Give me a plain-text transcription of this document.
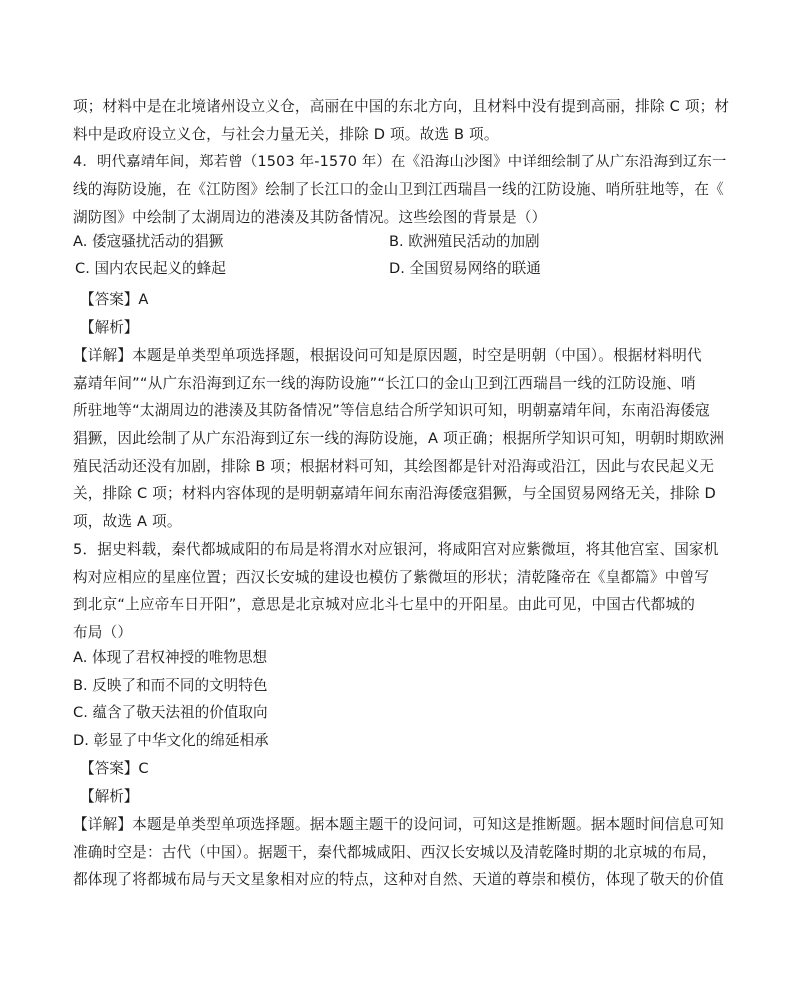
项；材料中是在北境诸州设立义仓，高丽在中国的东北方向，且材料中没有提到高丽，排除 C 项；材
料中是政府设立义仓，与社会力量无关，排除 D 项。故选 B 项。
4．明代嘉靖年间，郑若曾（1503 年-1570 年）在《沿海山沙图》中详细绘制了从广东沿海到辽东一
线的海防设施，在《江防图》绘制了长江口的金山卫到江西瑞昌一线的江防设施、哨所驻地等，在《
湖防图》中绘制了太湖周边的港湊及其防备情况。这些绘图的背景是（）
A. 倭寇骚扰活动的猖獗	B. 欧洲殖民活动的加剧
C. 国内农民起义的蜂起	D. 全国贸易网络的联通
【答案】A
【解析】
【详解】本题是单类型单项选择题，根据设问可知是原因题，时空是明朝（中国）。根据材料明代
嘉靖年间”“从广东沿海到辽东一线的海防设施”“长江口的金山卫到江西瑞昌一线的江防设施、哨
所驻地等“太湖周边的港湊及其防备情况”等信息结合所学知识可知，明朝嘉靖年间，东南沿海倭寇
猖獗，因此绘制了从广东沿海到辽东一线的海防设施，A 项正确；根据所学知识可知，明朝时期欧洲
殖民活动还没有加剧，排除 B 项；根据材料可知，其绘图都是针对沿海或沿江，因此与农民起义无
关，排除 C 项；材料内容体现的是明朝嘉靖年间东南沿海倭寇猖獗，与全国贸易网络无关，排除 D
项，故选 A 项。
5．据史料载，秦代都城咸阳的布局是将渭水对应银河，将咸阳宫对应紫微垣，将其他宫室、国家机
构对应相应的星座位置；西汉长安城的建设也模仿了紫微垣的形状；清乾隆帝在《皇都篇》中曾写
到北京“上应帝车日开阳”，意思是北京城对应北斗七星中的开阳星。由此可见，中国古代都城的
布局（）
A. 体现了君权神授的唯物思想
B. 反映了和而不同的文明特色
C. 蕴含了敬天法祖的价值取向
D. 彰显了中华文化的绵延相承
【答案】C
【解析】
【详解】本题是单类型单项选择题。据本题主题干的设问词，可知这是推断题。据本题时间信息可知
准确时空是：古代（中国）。据题干，秦代都城咸阳、西汉长安城以及清乾隆时期的北京城的布局，
都体现了将都城布局与天文星象相对应的特点，这种对自然、天道的尊崇和模仿，体现了敬天的价值
